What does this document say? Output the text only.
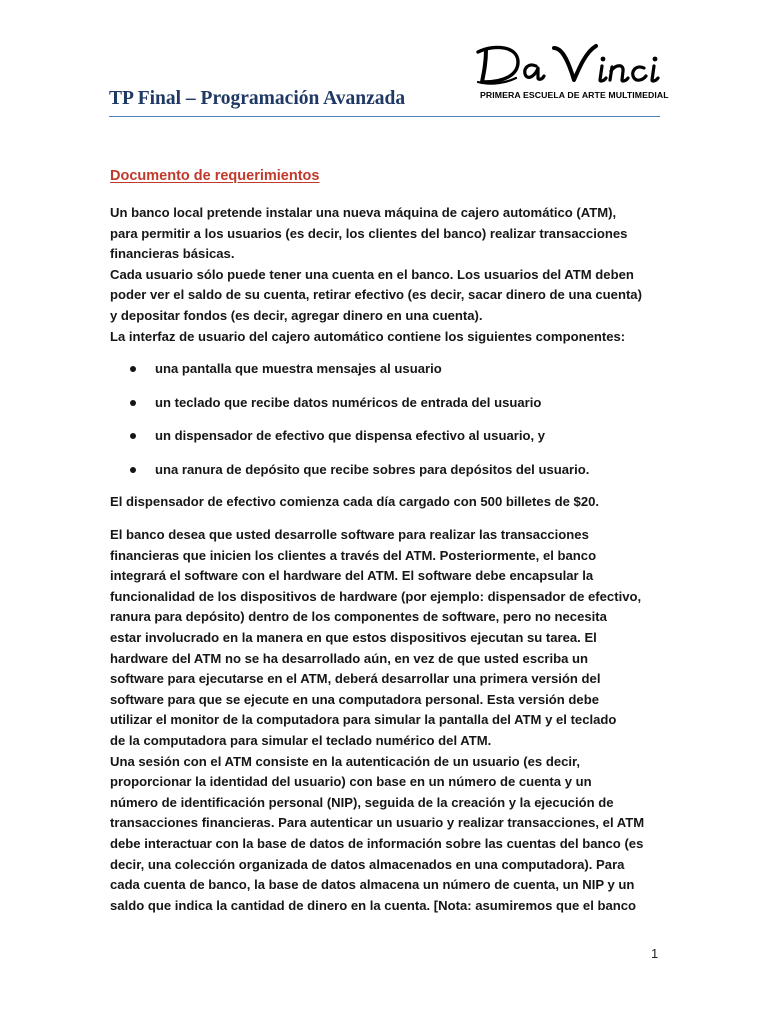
TP Final – Programación Avanzada	PRIMERA ESCUELA DE ARTE MULTIMEDIAL
Documento de requerimientos
Un banco local pretende instalar una nueva máquina de cajero automático (ATM),
para permitir a los usuarios (es decir, los clientes del banco) realizar transacciones
financieras básicas.
Cada usuario sólo puede tener una cuenta en el banco. Los usuarios del ATM deben
poder ver el saldo de su cuenta, retirar efectivo (es decir, sacar dinero de una cuenta)
y depositar fondos (es decir, agregar dinero en una cuenta).
La interfaz de usuario del cajero automático contiene los siguientes componentes:
una pantalla que muestra mensajes al usuario
un teclado que recibe datos numéricos de entrada del usuario
un dispensador de efectivo que dispensa efectivo al usuario, y
una ranura de depósito que recibe sobres para depósitos del usuario.
El dispensador de efectivo comienza cada día cargado con 500 billetes de $20.
El banco desea que usted desarrolle software para realizar las transacciones
financieras que inicien los clientes a través del ATM. Posteriormente, el banco
integrará el software con el hardware del ATM. El software debe encapsular la
funcionalidad de los dispositivos de hardware (por ejemplo: dispensador de efectivo,
ranura para depósito) dentro de los componentes de software, pero no necesita
estar involucrado en la manera en que estos dispositivos ejecutan su tarea. El
hardware del ATM no se ha desarrollado aún, en vez de que usted escriba un
software para ejecutarse en el ATM, deberá desarrollar una primera versión del
software para que se ejecute en una computadora personal. Esta versión debe
utilizar el monitor de la computadora para simular la pantalla del ATM y el teclado
de la computadora para simular el teclado numérico del ATM.
Una sesión con el ATM consiste en la autenticación de un usuario (es decir,
proporcionar la identidad del usuario) con base en un número de cuenta y un
número de identificación personal (NIP), seguida de la creación y la ejecución de
transacciones financieras. Para autenticar un usuario y realizar transacciones, el ATM
debe interactuar con la base de datos de información sobre las cuentas del banco (es
decir, una colección organizada de datos almacenados en una computadora). Para
cada cuenta de banco, la base de datos almacena un número de cuenta, un NIP y un
saldo que indica la cantidad de dinero en la cuenta. [Nota: asumiremos que el banco
1
